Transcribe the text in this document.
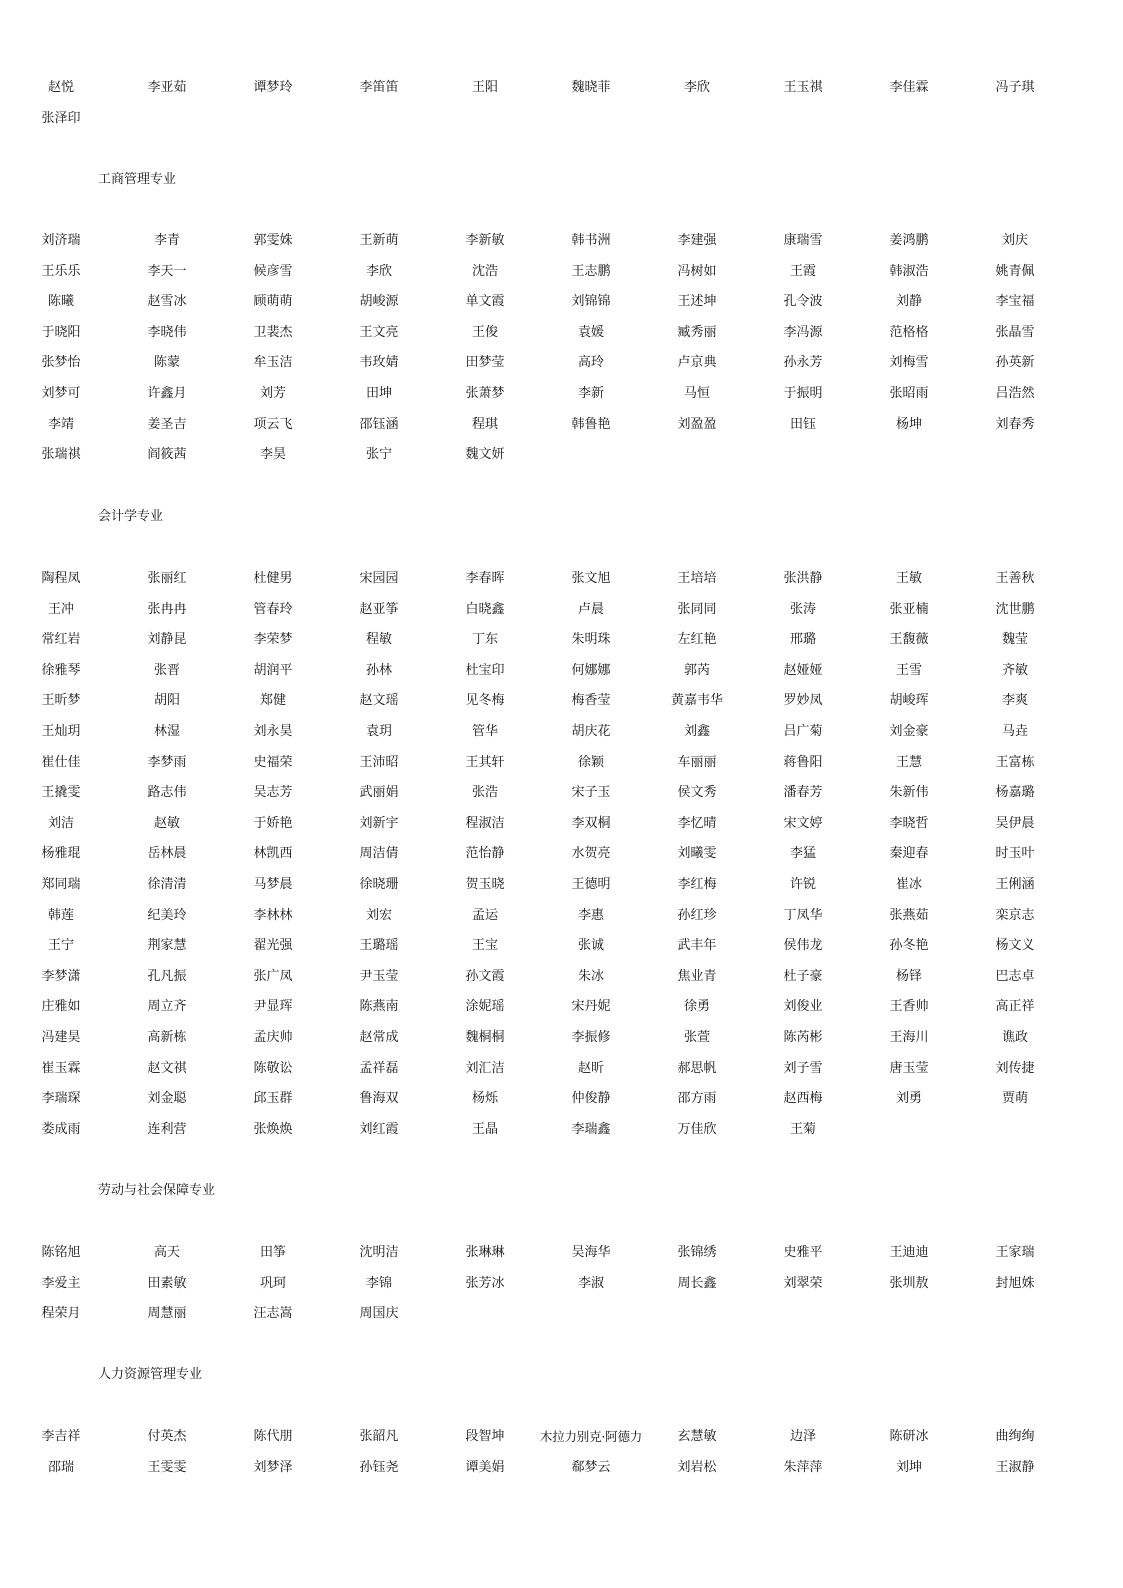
赵悦	李亚茹	谭梦玲	李笛笛	王阳	魏晓菲	李欣	王玉祺	李佳霖	冯子琪
张泽印
工商管理专业
刘济瑞	李青	郭雯姝	王新萌	李新敏	韩书洲	李建强	康瑞雪	姜鸿鹏	刘庆
王乐乐	李天一	候彦雪	李欣	沈浩	王志鹏	冯树如	王霞	韩淑浩	姚青佩
陈曦	赵雪冰	顾萌萌	胡峻源	单文霞	刘锦锦	王述坤	孔令波	刘静	李宝福
于晓阳	李晓伟	卫裴杰	王文亮	王俊	袁媛	臧秀丽	李冯源	范格格	张晶雪
张梦怡	陈蒙	牟玉洁	韦玫婧	田梦莹	高玲	卢京典	孙永芳	刘梅雪	孙英新
刘梦可	许鑫月	刘芳	田坤	张萧梦	李新	马恒	于振明	张昭雨	吕浩然
李靖	姜圣吉	项云飞	邵钰涵	程琪	韩鲁艳	刘盈盈	田钰	杨坤	刘春秀
张瑞祺	阎筱茜	李昊	张宁	魏文妍
会计学专业
陶程凤	张丽红	杜健男	宋园园	李春晖	张文旭	王培培	张洪静	王敏	王善秋
王冲	张冉冉	管春玲	赵亚筝	白晓鑫	卢晨	张同同	张涛	张亚楠	沈世鹏
常红岩	刘静昆	李荣梦	程敏	丁东	朱明珠	左红艳	邢璐	王馥薇	魏莹
徐雅琴	张晋	胡润平	孙林	杜宝印	何娜娜	郭芮	赵娅娅	王雪	齐敏
王昕梦	胡阳	郑健	赵文瑶	见冬梅	梅香莹	黄嘉韦华	罗妙凤	胡峻珲	李爽
王灿玥	林湿	刘永昊	袁玥	管华	胡庆花	刘鑫	吕广菊	刘金豪	马垚
崔仕佳	李梦雨	史福荣	王沛昭	王其轩	徐颖	车丽丽	蒋鲁阳	王慧	王富栋
王撬雯	路志伟	吴志芳	武丽娟	张浩	宋子玉	侯文秀	潘春芳	朱新伟	杨嘉璐
刘洁	赵敏	于娇艳	刘新宇	程淑洁	李双桐	李忆晴	宋文婷	李晓哲	吴伊晨
杨雅琨	岳林晨	林凯西	周洁倩	范怡静	水贺亮	刘曦雯	李猛	秦迎春	时玉叶
郑同瑞	徐清清	马梦晨	徐晓珊	贺玉晓	王德明	李红梅	许锐	崔冰	王俐涵
韩莲	纪美玲	李林林	刘宏	孟运	李惠	孙红珍	丁凤华	张燕茹	栾京志
王宁	荆家慧	翟光强	王璐瑶	王宝	张诚	武丰年	侯伟龙	孙冬艳	杨文义
李梦潇	孔凡振	张广凤	尹玉莹	孙文霞	朱冰	焦业青	杜子豪	杨铎	巴志卓
庄雅如	周立齐	尹显珲	陈燕南	涂妮瑶	宋丹妮	徐勇	刘俊业	王香帅	高正祥
冯建昊	高新栋	孟庆帅	赵常成	魏桐桐	李振修	张萱	陈芮彬	王海川	谯政
崔玉霖	赵文祺	陈敬讼	孟祥磊	刘汇洁	赵昕	郝思帆	刘子雪	唐玉莹	刘传捷
李瑞琛	刘金聪	邱玉群	鲁海双	杨烁	仲俊静	邵方雨	赵西梅	刘勇	贾萌
娄成雨	连利营	张焕焕	刘红霞	王晶	李瑞鑫	万佳欣	王菊
劳动与社会保障专业
陈铭旭	高天	田筝	沈明洁	张琳琳	吴海华	张锦绣	史雅平	王迪迪	王家瑞
李爱主	田素敏	巩珂	李锦	张芳冰	李淑	周长鑫	刘翠荣	张圳敖	封旭姝
程荣月	周慧丽	汪志嵩	周国庆
人力资源管理专业
李吉祥	付英杰	陈代朋	张韶凡	段智坤	木拉力别克·阿德力	玄慧敏	边泽	陈研冰	曲绚绚
邵瑞	王雯雯	刘梦泽	孙钰尧	谭美娟	郗梦云	刘岩松	朱萍萍	刘坤	王淑静
